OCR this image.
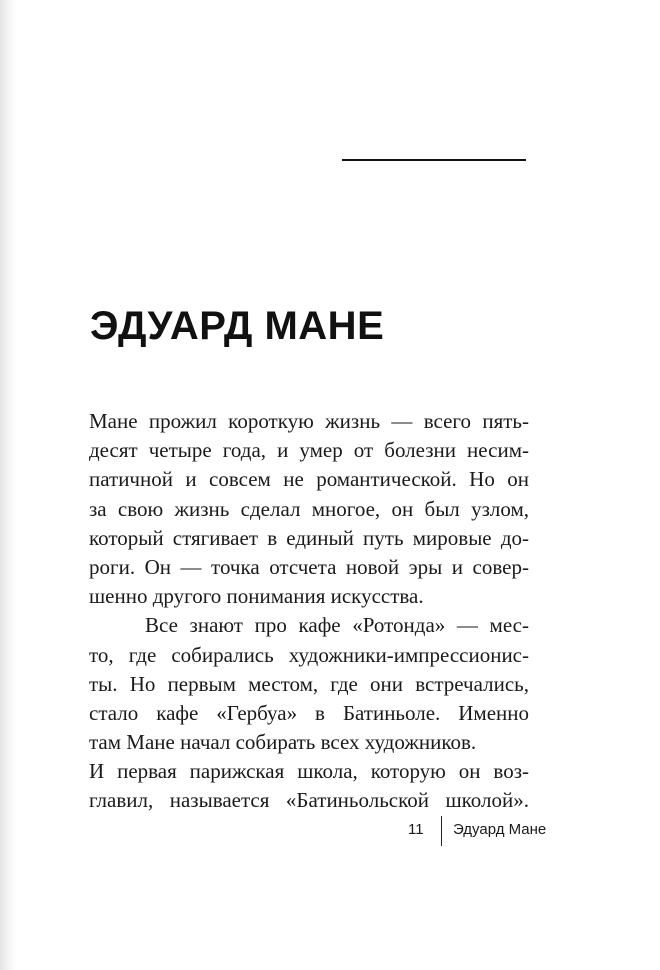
ЭДУАРД МАНЕ
Мане прожил короткую жизнь — всего пять-
десят четыре года, и умер от болезни несим-
патичной и совсем не романтической. Но он
за свою жизнь сделал многое, он был узлом,
который стягивает в единый путь мировые до-
роги. Он — точка отсчета новой эры и совер-
шенно другого понимания искусства.
Все знают про кафе «Ротонда» — мес-
то, где собирались художники-импрессионис-
ты. Но первым местом, где они встречались,
стало кафе «Гербуа» в Батиньоле. Именно
там Мане начал собирать всех художников.
И первая парижская школа, которую он воз-
главил, называется «Батиньольской школой».
11 Эдуард Мане
